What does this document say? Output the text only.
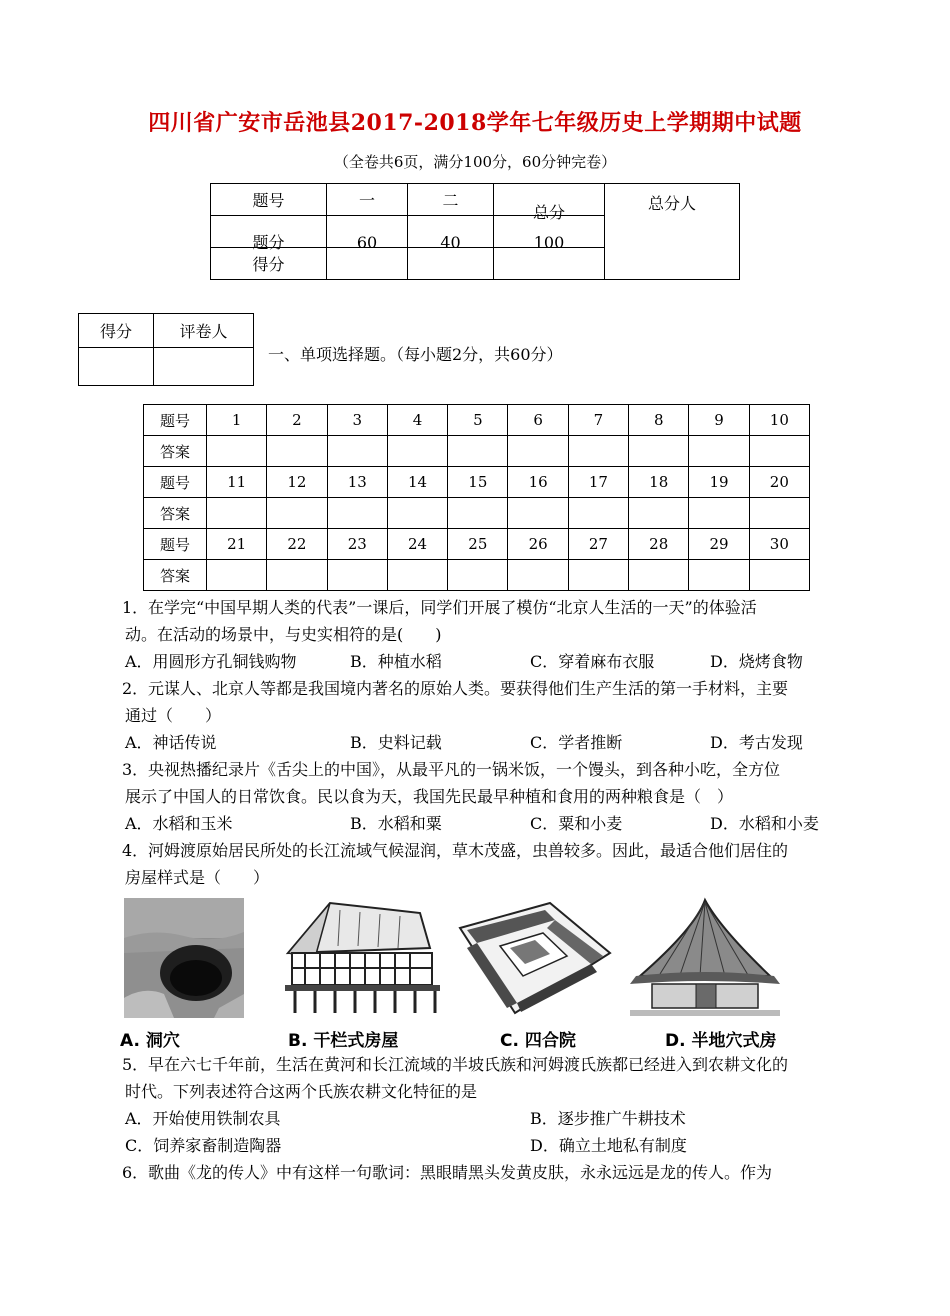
四川省广安市岳池县2017-2018学年七年级历史上学期期中试题
（全卷共6页，满分100分，60分钟完卷）
题号	一	二	总分	总分人

题分	60	40	100	

得分				
得分	评卷人

一、单项选择题。（每小题2分，共60分）
题号	1	2	3	4	5	6	7	8	9	10
答案										
题号	11	12	13	14	15	16	17	18	19	20
答案										
题号	21	22	23	24	25	26	27	28	29	30
答案										
1． 在学完“中国早期人类的代表”一课后，同学们开展了模仿“北京人生活的一天”的体验活
动。在活动的场景中，与史实相符的是(　　)
A．用圆形方孔铜钱购物	B．种植水稻	C．穿着麻布衣服	D．烧烤食物
2． 元谋人、北京人等都是我国境内著名的原始人类。要获得他们生产生活的第一手材料，主要
通过（　　）
A．神话传说	B．史料记载	C．学者推断	D．考古发现
3． 央视热播纪录片《舌尖上的中国》，从最平凡的一锅米饭，一个馒头，到各种小吃，全方位
展示了中国人的日常饮食。民以食为天，我国先民最早种植和食用的两种粮食是（　）
A．水稻和玉米	B．水稻和粟	C．粟和小麦	D．水稻和小麦
4． 河姆渡原始居民所处的长江流域气候湿润，草木茂盛，虫兽较多。因此，最适合他们居住的
房屋样式是（　　）
5． 早在六七千年前，生活在黄河和长江流域的半坡氏族和河姆渡氏族都已经进入到农耕文化的
时代。下列表述符合这两个氏族农耕文化特征的是
A．开始使用铁制农具	B．逐步推广牛耕技术
C．饲养家畜制造陶器	D．确立土地私有制度
6． 歌曲《龙的传人》中有这样一句歌词：黑眼睛黑头发黄皮肤，永永远远是龙的传人。作为
A. 洞穴	B. 干栏式房屋	C. 四合院	D. 半地穴式房
